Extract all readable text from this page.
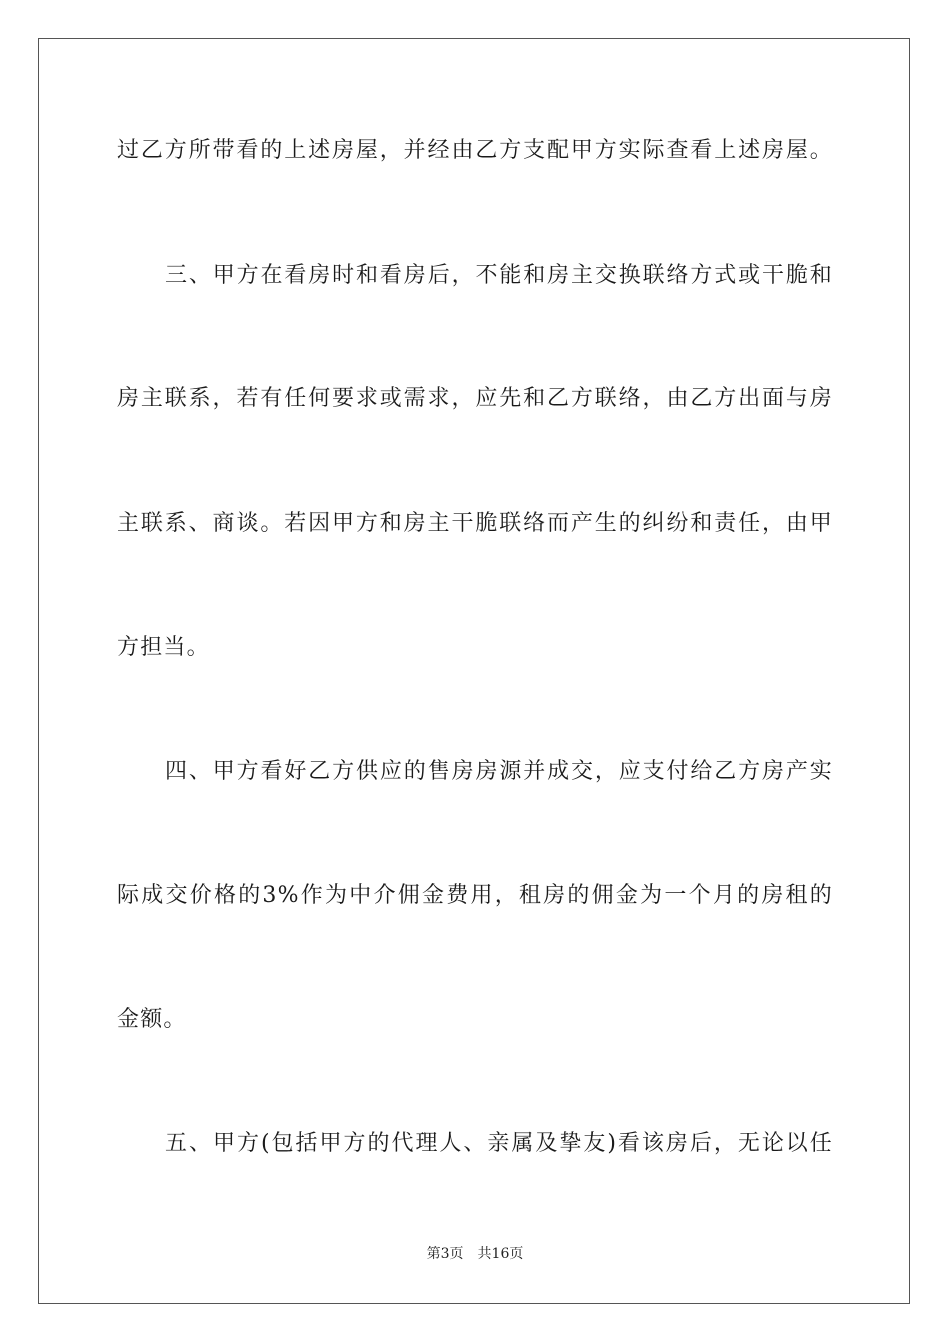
过乙方所带看的上述房屋，并经由乙方支配甲方实际查看上述房屋。
三、甲方在看房时和看房后，不能和房主交换联络方式或干脆和
房主联系，若有任何要求或需求，应先和乙方联络，由乙方出面与房
主联系、商谈。若因甲方和房主干脆联络而产生的纠纷和责任，由甲
方担当。
四、甲方看好乙方供应的售房房源并成交，应支付给乙方房产实
际成交价格的3%作为中介佣金费用，租房的佣金为一个月的房租的
金额。
五、甲方(包括甲方的代理人、亲属及挚友)看该房后，无论以任
第3页 共16页
